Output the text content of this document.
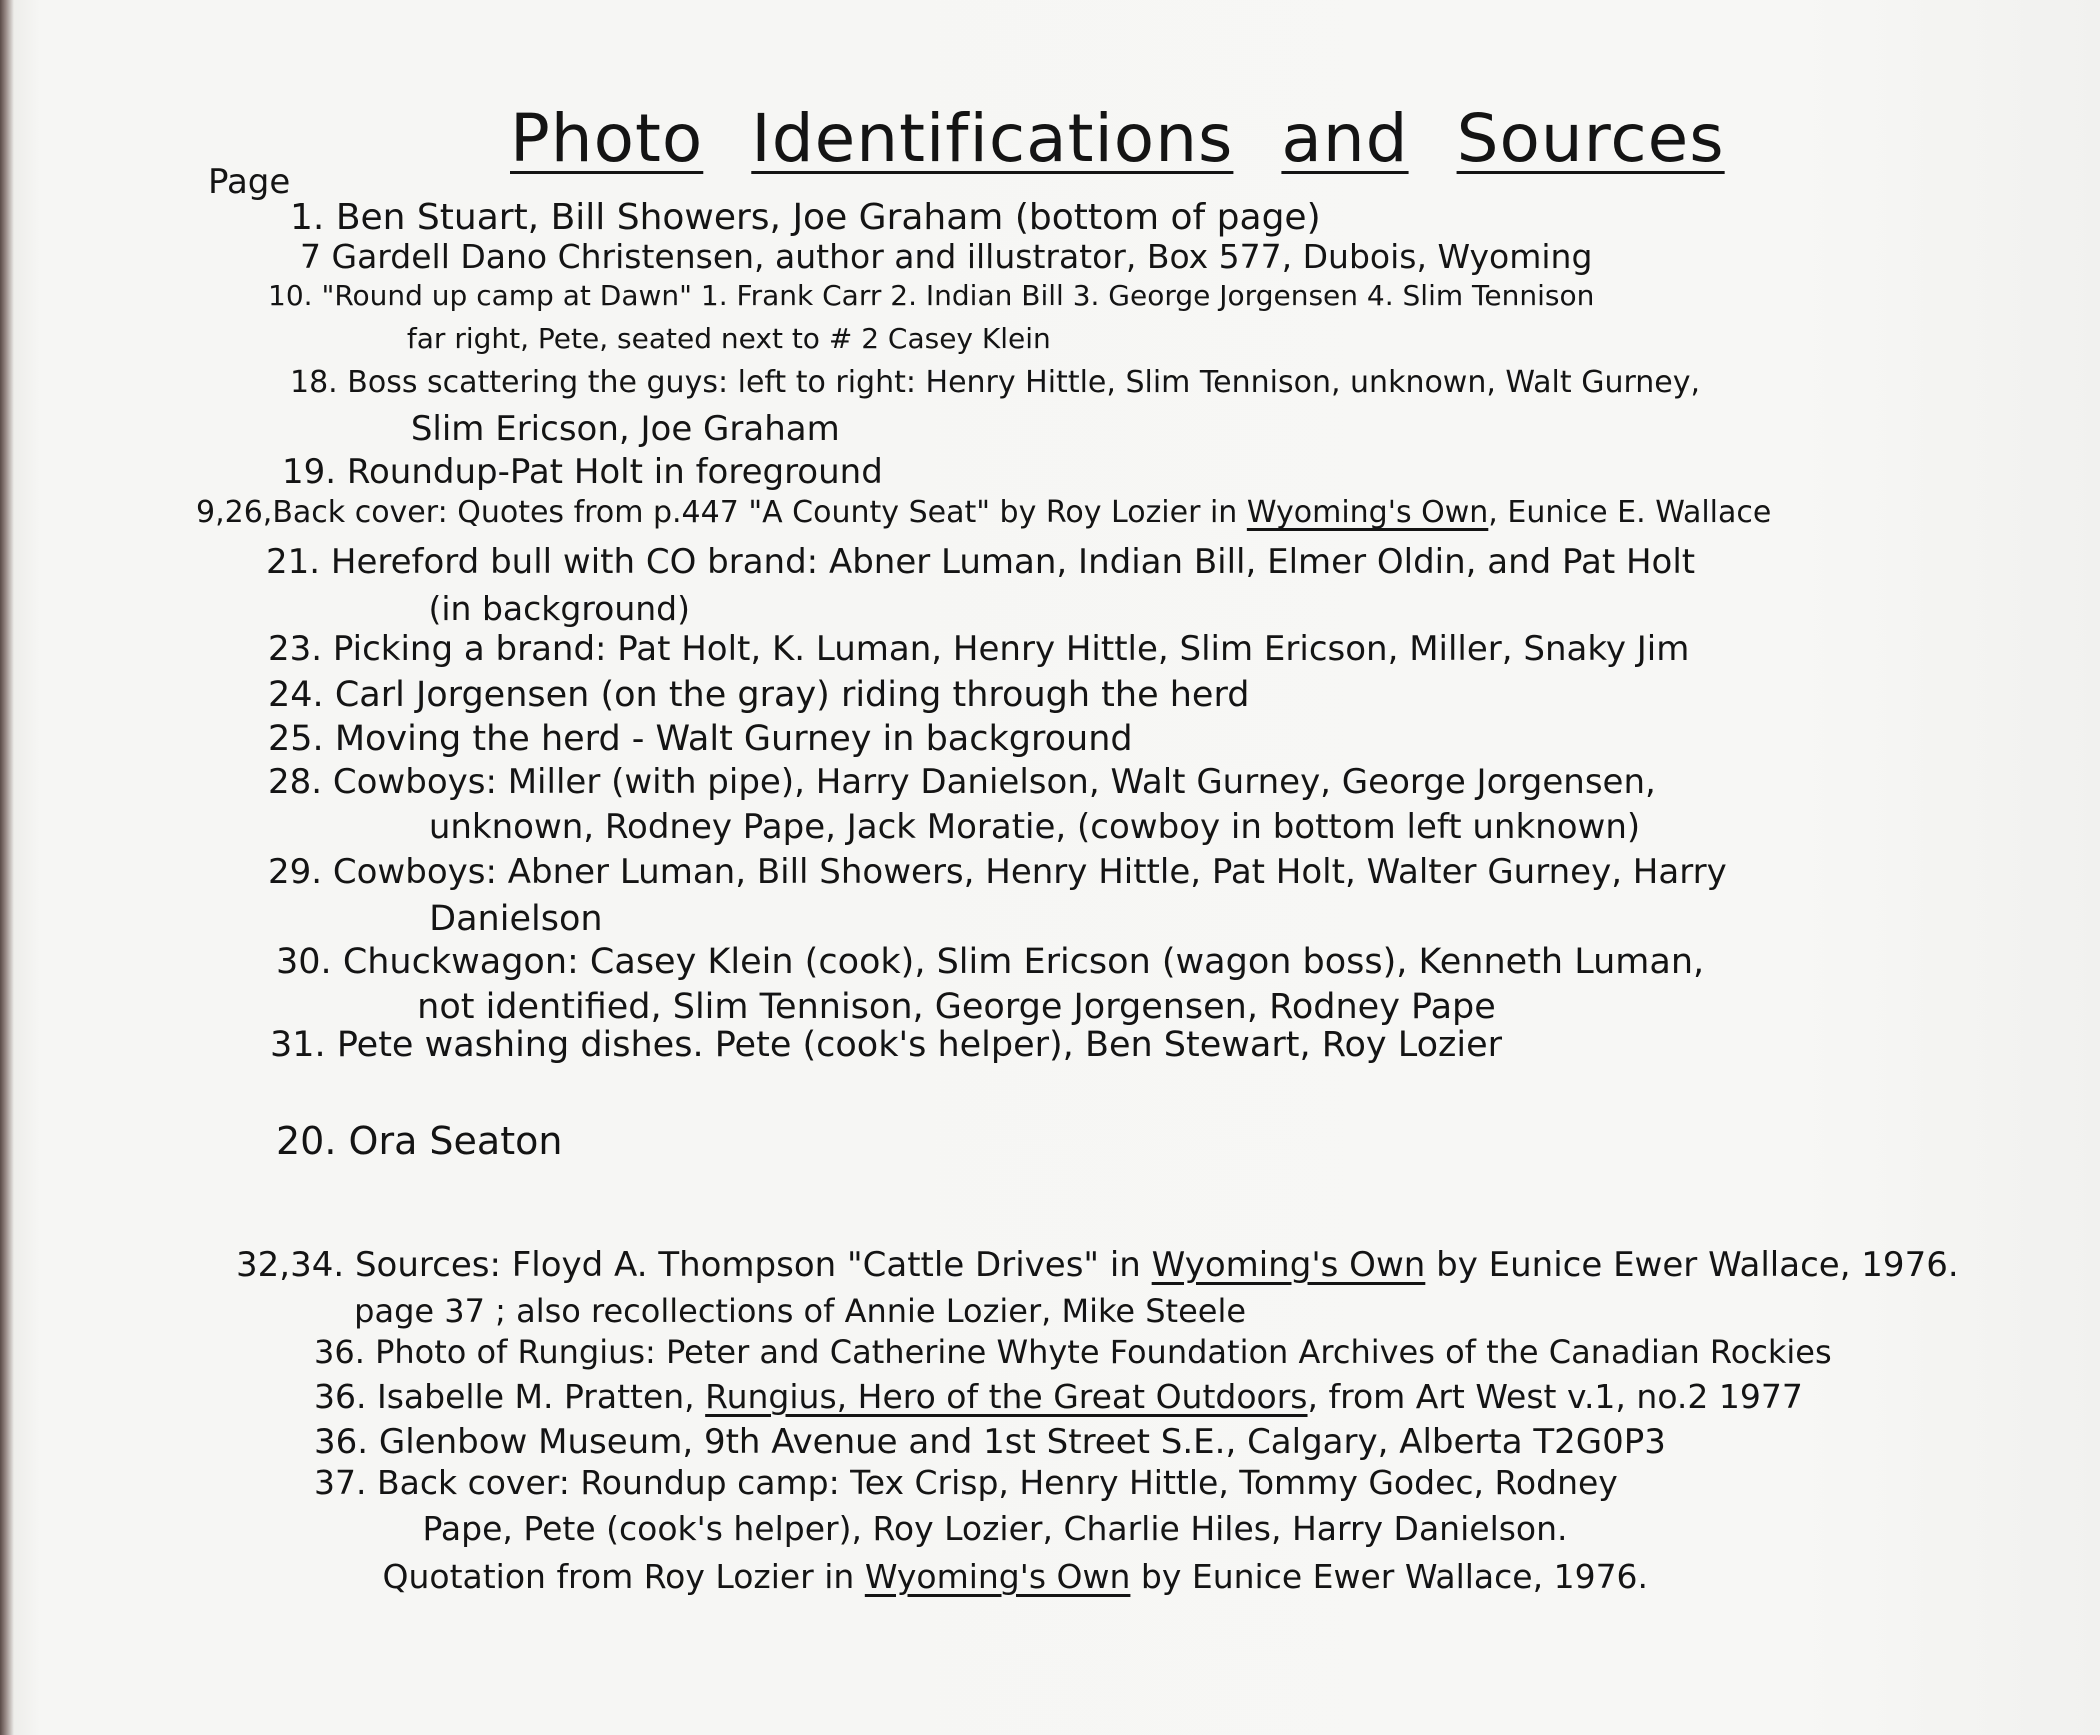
Photo Identifications and Sources
Page
1. Ben Stuart, Bill Showers, Joe Graham (bottom of page)
7 Gardell Dano Christensen, author and illustrator, Box 577, Dubois, Wyoming
10. "Round up camp at Dawn" 1. Frank Carr 2. Indian Bill 3. George Jorgensen 4. Slim Tennison
far right, Pete, seated next to # 2 Casey Klein
18. Boss scattering the guys: left to right: Henry Hittle, Slim Tennison, unknown, Walt Gurney,
Slim Ericson, Joe Graham
19. Roundup-Pat Holt in foreground
9,26,Back cover: Quotes from p.447 "A County Seat" by Roy Lozier in Wyoming's Own, Eunice E. Wallace
21. Hereford bull with CO brand: Abner Luman, Indian Bill, Elmer Oldin, and Pat Holt
(in background)
23. Picking a brand: Pat Holt, K. Luman, Henry Hittle, Slim Ericson, Miller, Snaky Jim
24. Carl Jorgensen (on the gray) riding through the herd
25. Moving the herd - Walt Gurney in background
28. Cowboys: Miller (with pipe), Harry Danielson, Walt Gurney, George Jorgensen,
unknown, Rodney Pape, Jack Moratie, (cowboy in bottom left unknown)
29. Cowboys: Abner Luman, Bill Showers, Henry Hittle, Pat Holt, Walter Gurney, Harry
Danielson
30. Chuckwagon: Casey Klein (cook), Slim Ericson (wagon boss), Kenneth Luman,
not identified, Slim Tennison, George Jorgensen, Rodney Pape
31. Pete washing dishes. Pete (cook's helper), Ben Stewart, Roy Lozier
20. Ora Seaton
32,34. Sources: Floyd A. Thompson "Cattle Drives" in Wyoming's Own by Eunice Ewer Wallace, 1976.
page 37 ; also recollections of Annie Lozier, Mike Steele
36. Photo of Rungius: Peter and Catherine Whyte Foundation Archives of the Canadian Rockies
36. Isabelle M. Pratten, Rungius, Hero of the Great Outdoors, from Art West v.1, no.2 1977
36. Glenbow Museum, 9th Avenue and 1st Street S.E., Calgary, Alberta T2G0P3
37. Back cover: Roundup camp: Tex Crisp, Henry Hittle, Tommy Godec, Rodney
Pape, Pete (cook's helper), Roy Lozier, Charlie Hiles, Harry Danielson.
Quotation from Roy Lozier in Wyoming's Own by Eunice Ewer Wallace, 1976.
